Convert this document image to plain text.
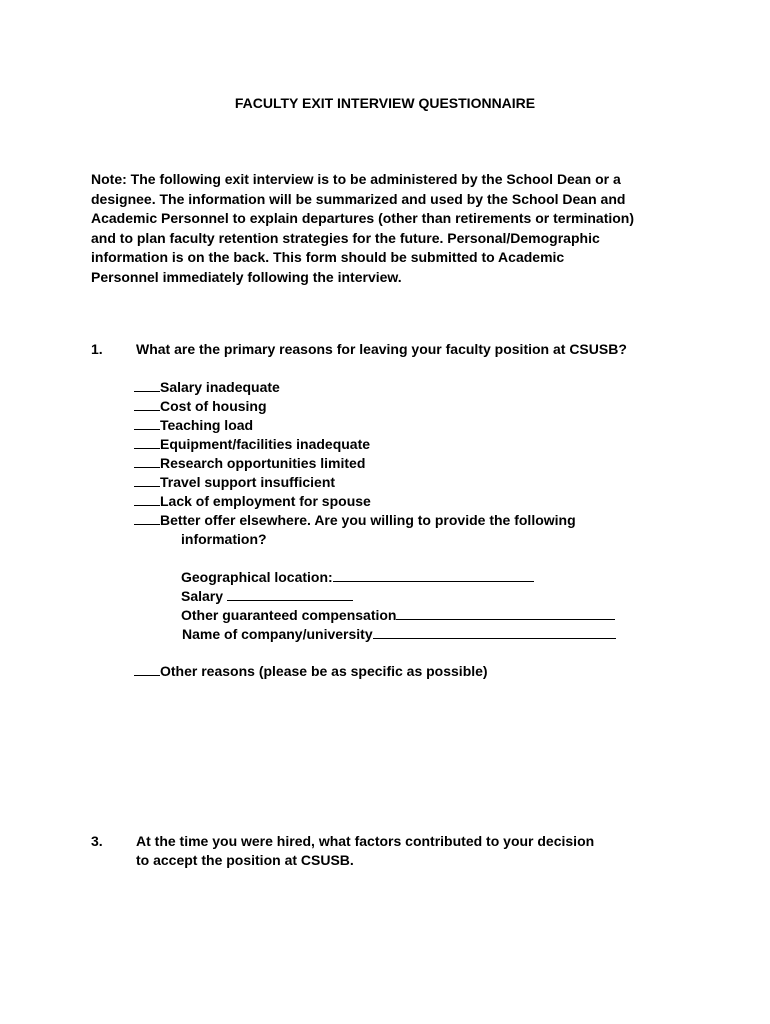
FACULTY EXIT INTERVIEW QUESTIONNAIRE
Note: The following exit interview is to be administered by the School Dean or a
designee. The information will be summarized and used by the School Dean and
Academic Personnel to explain departures (other than retirements or termination)
and to plan faculty retention strategies for the future. Personal/Demographic
information is on the back. This form should be submitted to Academic
Personnel immediately following the interview.
1. What are the primary reasons for leaving your faculty position at CSUSB?
Salary inadequate
Cost of housing
Teaching load
Equipment/facilities inadequate
Research opportunities limited
Travel support insufficient
Lack of employment for spouse
Better offer elsewhere. Are you willing to provide the following
information?
Geographical location:
Salary
Other guaranteed compensation
Name of company/university
Other reasons (please be as specific as possible)
3. At the time you were hired, what factors contributed to your decision
to accept the position at CSUSB.
